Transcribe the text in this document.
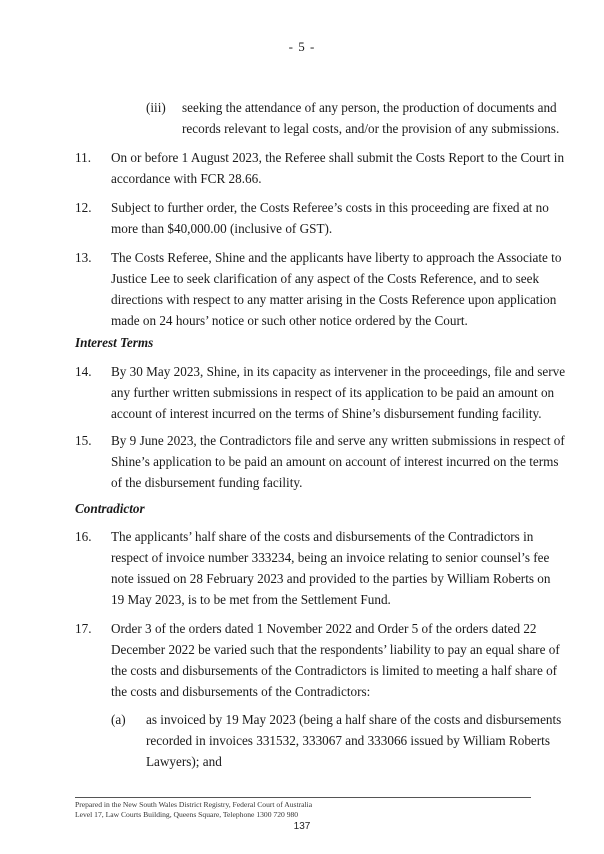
- 5 -
(iii) seeking the attendance of any person, the production of documents and
records relevant to legal costs, and/or the provision of any submissions.
11. On or before 1 August 2023, the Referee shall submit the Costs Report to the Court in
accordance with FCR 28.66.
12. Subject to further order, the Costs Referee’s costs in this proceeding are fixed at no
more than $40,000.00 (inclusive of GST).
13. The Costs Referee, Shine and the applicants have liberty to approach the Associate to
Justice Lee to seek clarification of any aspect of the Costs Reference, and to seek
directions with respect to any matter arising in the Costs Reference upon application
made on 24 hours’ notice or such other notice ordered by the Court.
Interest Terms
14. By 30 May 2023, Shine, in its capacity as intervener in the proceedings, file and serve
any further written submissions in respect of its application to be paid an amount on
account of interest incurred on the terms of Shine’s disbursement funding facility.
15. By 9 June 2023, the Contradictors file and serve any written submissions in respect of
Shine’s application to be paid an amount on account of interest incurred on the terms
of the disbursement funding facility.
Contradictor
16. The applicants’ half share of the costs and disbursements of the Contradictors in
respect of invoice number 333234, being an invoice relating to senior counsel’s fee
note issued on 28 February 2023 and provided to the parties by William Roberts on
19 May 2023, is to be met from the Settlement Fund.
17. Order 3 of the orders dated 1 November 2022 and Order 5 of the orders dated 22
December 2022 be varied such that the respondents’ liability to pay an equal share of
the costs and disbursements of the Contradictors is limited to meeting a half share of
the costs and disbursements of the Contradictors:
(a) as invoiced by 19 May 2023 (being a half share of the costs and disbursements
recorded in invoices 331532, 333067 and 333066 issued by William Roberts
Lawyers); and
Prepared in the New South Wales District Registry, Federal Court of Australia
Level 17, Law Courts Building, Queens Square, Telephone 1300 720 980
137
